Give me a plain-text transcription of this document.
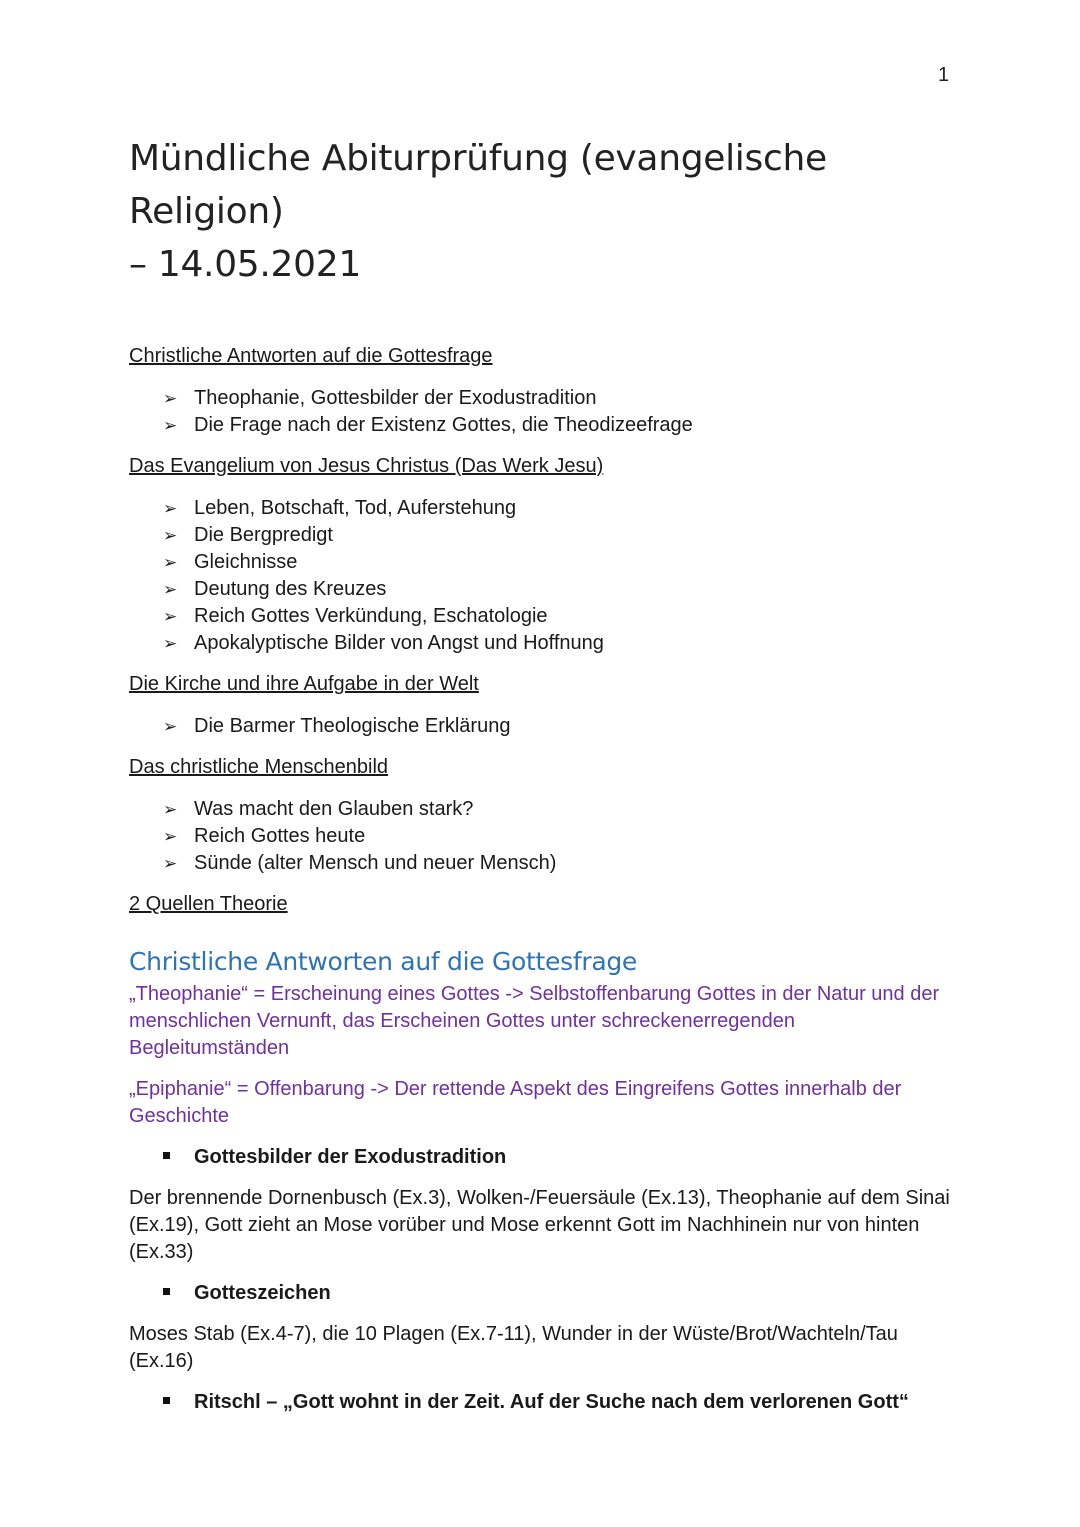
1
Mündliche Abiturprüfung (evangelische Religion)
– 14.05.2021
Christliche Antworten auf die Gottesfrage
➢ Theophanie, Gottesbilder der Exodustradition
➢ Die Frage nach der Existenz Gottes, die Theodizeefrage
Das Evangelium von Jesus Christus (Das Werk Jesu)
➢ Leben, Botschaft, Tod, Auferstehung
➢ Die Bergpredigt
➢ Gleichnisse
➢ Deutung des Kreuzes
➢ Reich Gottes Verkündung, Eschatologie
➢ Apokalyptische Bilder von Angst und Hoffnung
Die Kirche und ihre Aufgabe in der Welt
➢ Die Barmer Theologische Erklärung
Das christliche Menschenbild
➢ Was macht den Glauben stark?
➢ Reich Gottes heute
➢ Sünde (alter Mensch und neuer Mensch)
2 Quellen Theorie
Christliche Antworten auf die Gottesfrage

„Theophanie“ = Erscheinung eines Gottes -> Selbstoffenbarung Gottes in der Natur und der menschlichen Vernunft, das Erscheinen Gottes unter schreckenerregenden Begleitumständen

„Epiphanie“ = Offenbarung -> Der rettende Aspekt des Eingreifens Gottes innerhalb der Geschichte

Gottesbilder der Exodustradition

Der brennende Dornenbusch (Ex.3), Wolken-/Feuersäule (Ex.13), Theophanie auf dem Sinai (Ex.19), Gott zieht an Mose vorüber und Mose erkennt Gott im Nachhinein nur von hinten (Ex.33)

Gotteszeichen

Moses Stab (Ex.4-7), die 10 Plagen (Ex.7-11), Wunder in der Wüste/Brot/Wachteln/Tau (Ex.16)

Ritschl – „Gott wohnt in der Zeit. Auf der Suche nach dem verlorenen Gott“
